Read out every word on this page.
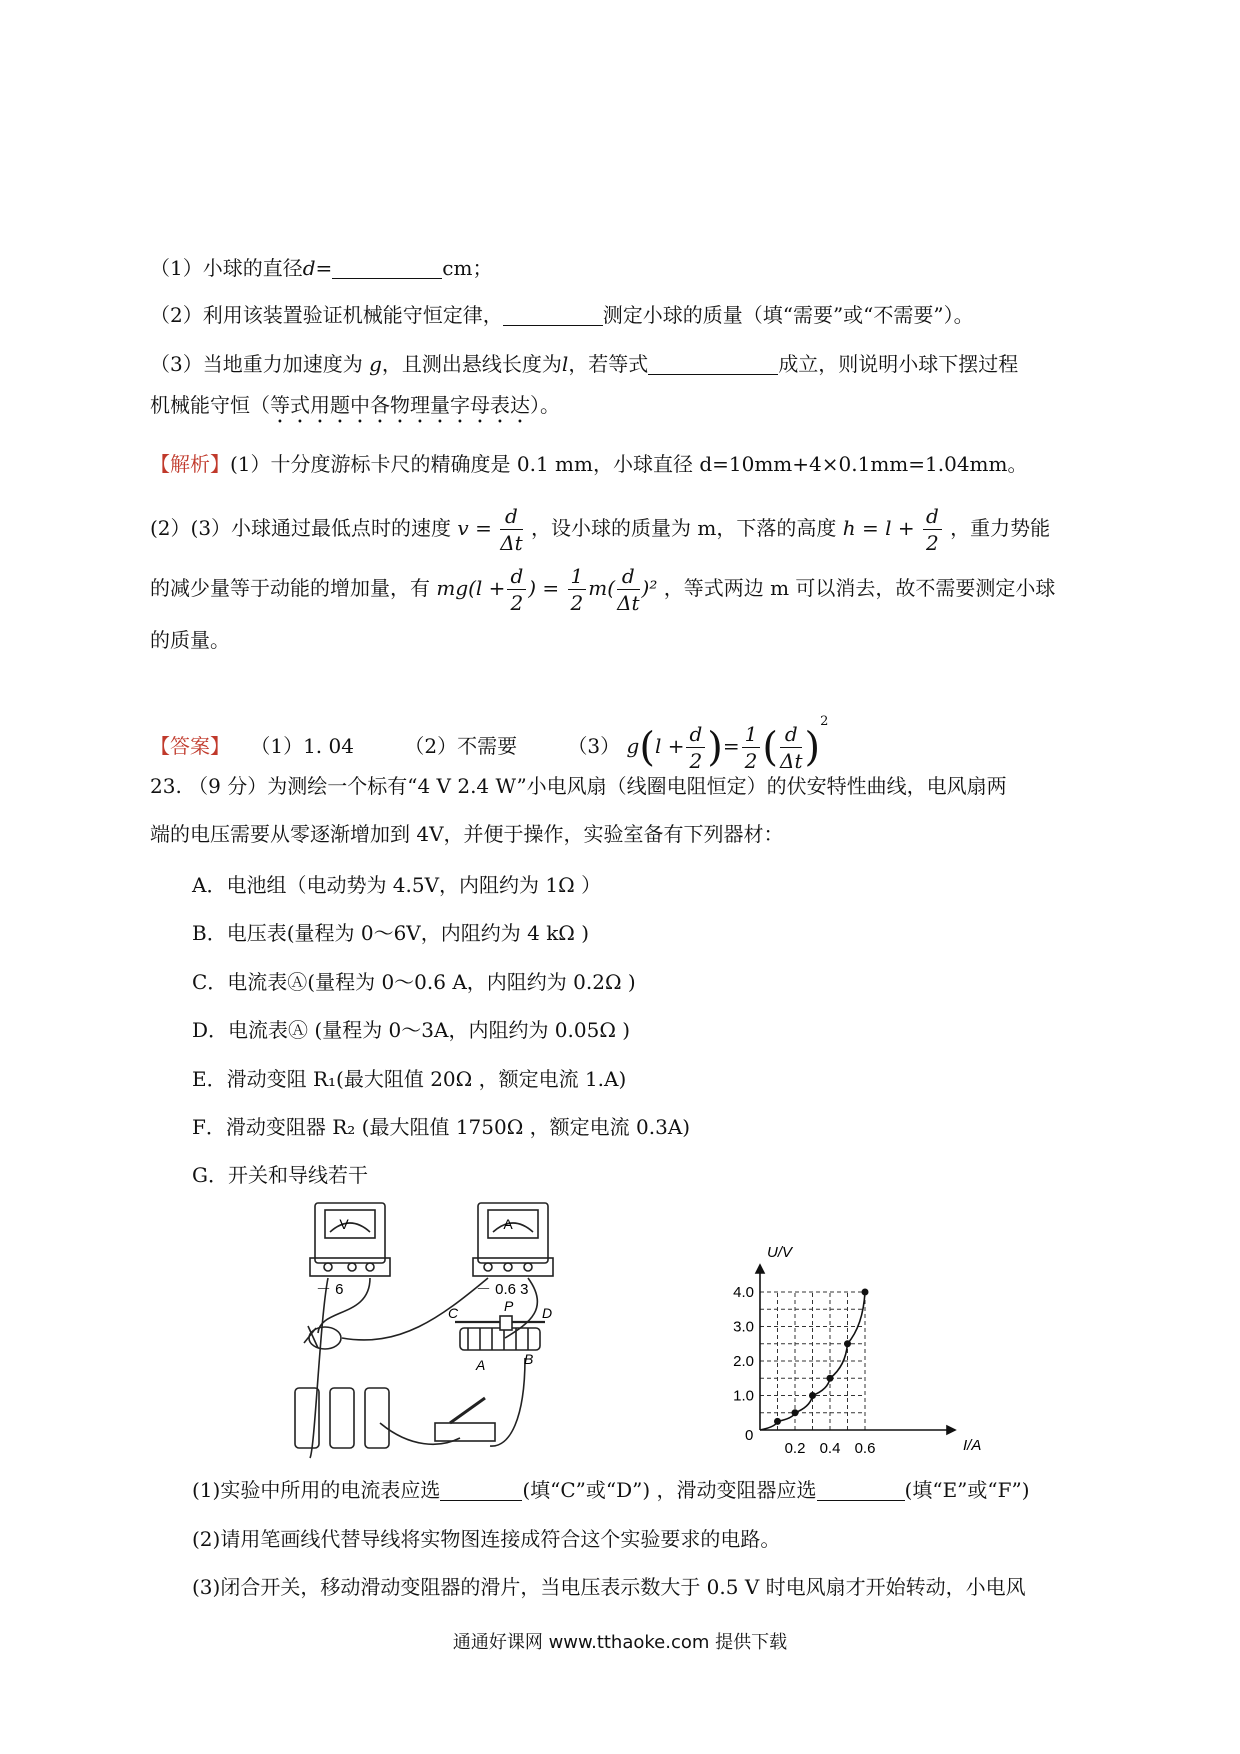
（1）小球的直径d=	cm；
（2）利用该装置验证机械能守恒定律，	测定小球的质量（填“需要”或“不需要”）。
（3）当地重力加速度为 g，且测出悬线长度为l，若等式	成立，则说明小球下摆过程
机械能守恒（等式用题中各物理量字母表达）。
【解析】(1）十分度游标卡尺的精确度是 0.1 mm，小球直径 d=10mm+4×0.1mm=1.04mm。
(2）(3）小球通过最低点时的速度 $v = \frac{d}{\Delta t}$ ，设小球的质量为 m，下落的高度 $h = l + \frac{d}{2}$ ，重力势能
的减少量等于动能的增加量，有 $mg(l + \frac{d}{2}$ ) = $\frac{1}{2} m( \frac{d}{\Delta t} )^2$ ，等式两边 m 可以消去，故不需要测定小球
的质量。
【答案】 （1）1. 04	（2）不需要	（3） $g(l + \frac{d}{2}$ )= $\frac{1}{2}$ ( $\frac{d}{\Delta t} )^2$
23. （9 分）为测绘一个标有“4 V 2.4 W”小电风扇（线圈电阻恒定）的伏安特性曲线，电风扇两
端的电压需要从零逐渐增加到 4V，并便于操作，实验室备有下列器材：
A．电池组（电动势为 4.5V，内阻约为 1Ω ）
B．电压表(量程为 0～6V，内阻约为 4 kΩ )
C．电流表Ⓐ(量程为 0～0.6 A，内阻约为 0.2Ω )
D．电流表Ⓐ (量程为 0～3A，内阻约为 0.05Ω )
E．滑动变阻 R₁(最大阻值 20Ω ，额定电流 1.A)
F．滑动变阻器 R₂ (最大阻值 1750Ω ，额定电流 0.3A)
G．开关和导线若干
V	A
－ 6	－ 0.6 3
C	P D
A	B
0.2 0.4 0.6
1.0
2.0
3.0
4.0
U/V
I/A
0
(1)实验中所用的电流表应选	(填“C”或“D”) ，滑动变阻器应选	(填“E”或“F”)
(2)请用笔画线代替导线将实物图连接成符合这个实验要求的电路。
(3)闭合开关，移动滑动变阻器的滑片，当电压表示数大于 0.5 V 时电风扇才开始转动，小电风
通通好课网 www.tthaoke.com 提供下载
